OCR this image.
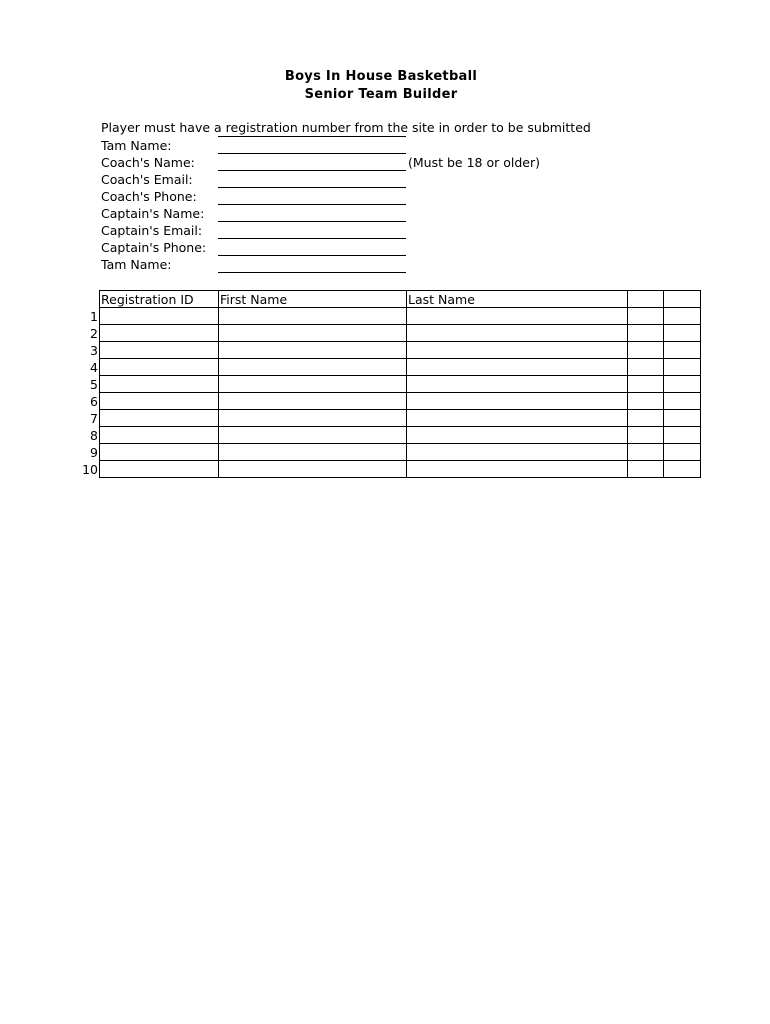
Boys In House Basketball
Senior Team Builder
Player must have a registration number from the site in order to be submitted
Tam Name:
Coach's Name:	(Must be 18 or older)
Coach's Email:
Coach's Phone:
Captain's Name:
Captain's Email:
Captain's Phone:
Tam Name:
Registration ID	First Name	Last Name		

1
2
3
4
5
6
7
8
9
10
